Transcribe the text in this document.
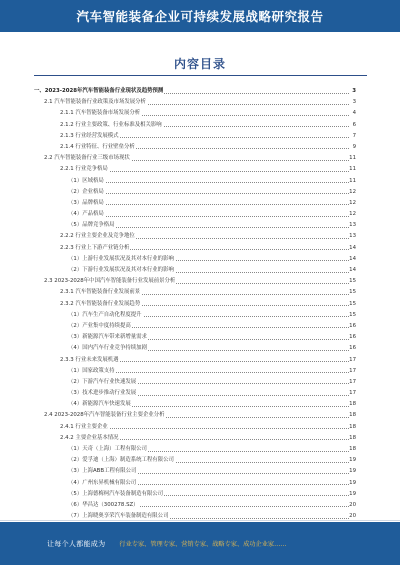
汽车智能装备企业可持续发展战略研究报告
内容目录
一、2023-2028年汽车智能装备行业现状及趋势预测	3
2.1 汽车智能装备行业政策及市场发展分析	3
2.1.1 汽车智能装备市场发展分析	4
2.1.2 行业主要政策、行业标准及相关影响	6
2.1.3 行业经营发展模式	7
2.1.4 行业特征、行业壁垒分析	9
2.2 汽车智能装备行业三级市场现状	11
2.2.1 行业竞争格局	11
（1）区域格局	11
（2）企业格局	12
（3）品牌格局	12
（4）产品格局	12
（5）品牌竞争格局	13
2.2.2 行业主要企业及竞争地位	13
2.2.3 行业上下游产业链分析	14
（1）上游行业发展状况及其对本行业的影响	14
（2）下游行业发展状况及其对本行业的影响	14
2.3 2023-2028年中国汽车智能装备行业发展前景分析	15
2.3.1 汽车智能装备行业发展前景	15
2.3.2 汽车智能装备行业发展趋势	15
（1）汽车生产自动化程度提升	15
（2）产业集中度持续提高	16
（3）新能源汽车带来新增量需求	16
（4）国内汽车行业竞争持续加剧	16
2.3.3 行业未来发展机遇	17
（1）国家政策支持	17
（2）下游汽车行业快速发展	17
（3）技术进步推动行业发展	17
（4）新能源汽车快速发展	18
2.4 2023-2028年汽车智能装备行业主要企业分析	18
2.4.1 行业主要企业	18
2.4.2 主要企业基本情况	18
（1）天奇（上海）工程有限公司	18
（2）爱孚迪（上海）制造系统工程有限公司	19
（3）上海ABB工程有限公司	19
（4）广州东昇机械有限公司	19
（5）上海德梅柯汽车装备制造有限公司	19
（6）华昌达（300278.SZ）	20
（7）上海晓奥享荣汽车装备制造有限公司	20
让每个人都能成为 行业专家、管理专家、营销专家、战略专家、成功企业家……
